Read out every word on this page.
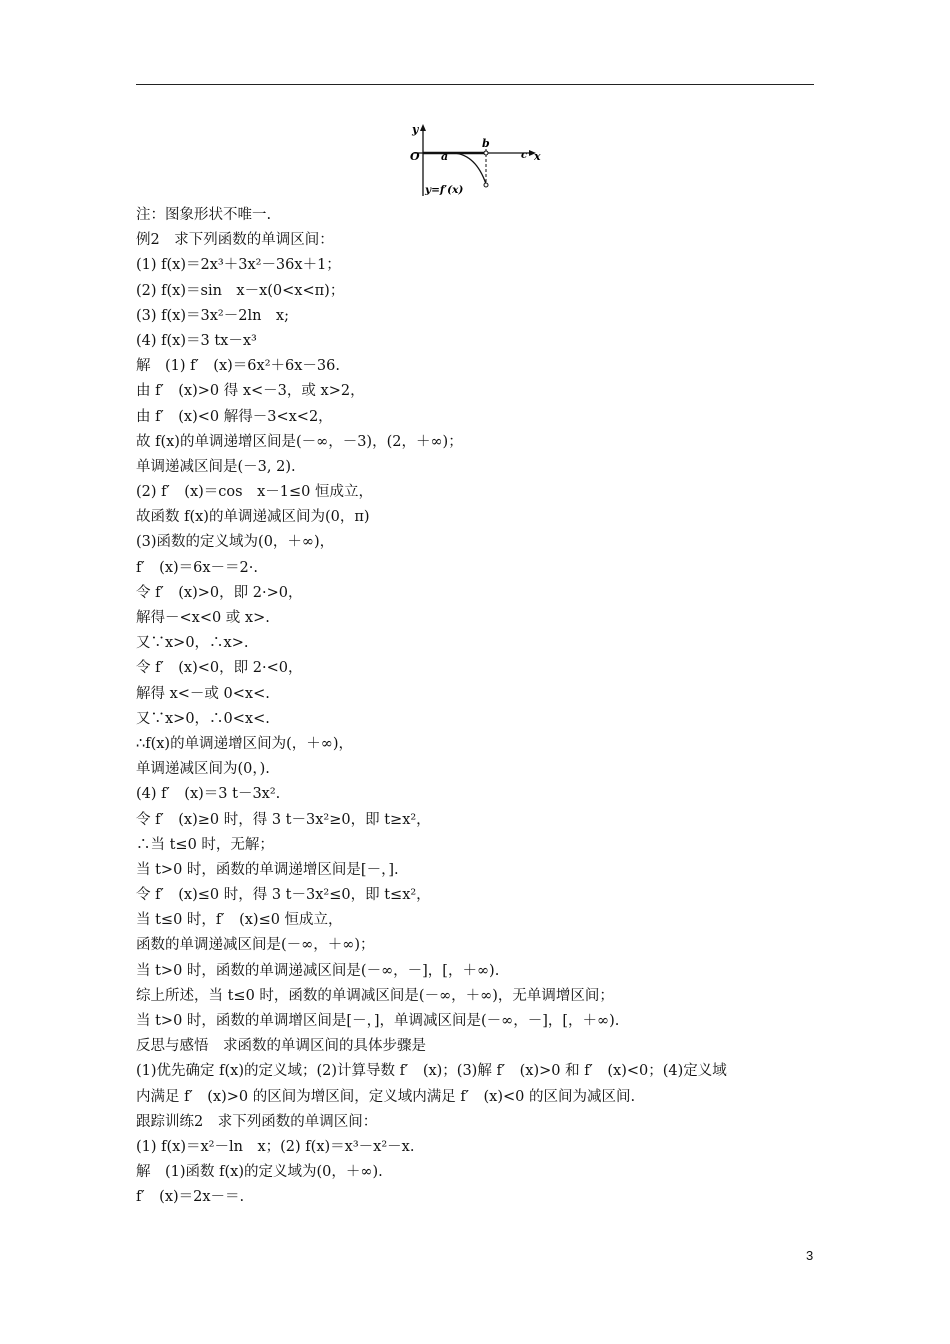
y
O a
b
c x
y=f′(x)
注：图象形状不唯一.
例2　求下列函数的单调区间：
(1) f(x)＝2x³＋3x²－36x＋1；
(2) f(x)＝sin　x－x(0<x<π)；
(3) f(x)＝3x²－2ln　x;
(4) f(x)＝3 tx－x³
解　(1) f′　(x)＝6x²＋6x－36.
由 f′　(x)>0 得 x<－3，或 x>2，
由 f′　(x)<0 解得－3<x<2，
故 f(x)的单调递增区间是(－∞，－3)，(2，＋∞)；
单调递减区间是(－3, 2).
(2) f′　(x)＝cos　x－1≤0 恒成立，
故函数 f(x)的单调递减区间为(0，π)
(3)函数的定义域为(0，＋∞)，
f′　(x)＝6x－＝2·.
令 f′　(x)>0，即 2·>0，
解得－<x<0 或 x>.
又∵x>0，∴x>.
令 f′　(x)<0，即 2·<0，
解得 x<－或 0<x<.
又∵x>0，∴0<x<.
∴f(x)的单调递增区间为(，＋∞)，
单调递减区间为(0，).
(4) f′　(x)＝3 t－3x².
令 f′　(x)≥0 时，得 3 t－3x²≥0，即 t≥x²，
∴当 t≤0 时，无解；
当 t>0 时，函数的单调递增区间是[－，].
令 f′　(x)≤0 时，得 3 t－3x²≤0，即 t≤x²，
当 t≤0 时，f′　(x)≤0 恒成立，
函数的单调递减区间是(－∞，＋∞)；
当 t>0 时，函数的单调递减区间是(－∞，－]，[，＋∞).
综上所述，当 t≤0 时，函数的单调减区间是(－∞，＋∞)，无单调增区间；
当 t>0 时，函数的单调增区间是[－，]，单调减区间是(－∞，－]，[，＋∞).
反思与感悟　求函数的单调区间的具体步骤是
(1)优先确定 f(x)的定义域；(2)计算导数 f′　(x)；(3)解 f′　(x)>0 和 f′　(x)<0；(4)定义域
内满足 f′　(x)>0 的区间为增区间，定义域内满足 f′　(x)<0 的区间为减区间.
跟踪训练2　求下列函数的单调区间：
(1) f(x)＝x²－ln　x；(2) f(x)＝x³－x²－x.
解　(1)函数 f(x)的定义域为(0，＋∞).
f′　(x)＝2x－＝.
3
